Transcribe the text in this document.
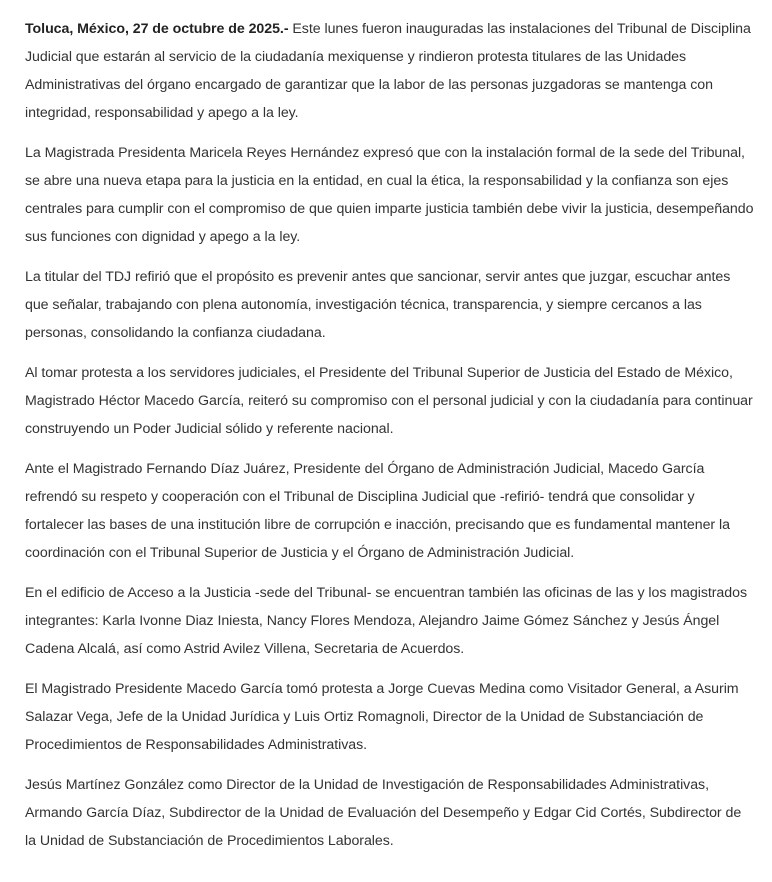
Toluca, México, 27 de octubre de 2025.- Este lunes fueron inauguradas las instalaciones del Tribunal de Disciplina Judicial que estarán al servicio de la ciudadanía mexiquense y rindieron protesta titulares de las Unidades Administrativas del órgano encargado de garantizar que la labor de las personas juzgadoras se mantenga con integridad, responsabilidad y apego a la ley.

La Magistrada Presidenta Maricela Reyes Hernández expresó que con la instalación formal de la sede del Tribunal, se abre una nueva etapa para la justicia en la entidad, en cual la ética, la responsabilidad y la confianza son ejes centrales para cumplir con el compromiso de que quien imparte justicia también debe vivir la justicia, desempeñando sus funciones con dignidad y apego a la ley.

La titular del TDJ refirió que el propósito es prevenir antes que sancionar, servir antes que juzgar, escuchar antes que señalar, trabajando con plena autonomía, investigación técnica, transparencia, y siempre cercanos a las personas, consolidando la confianza ciudadana.

Al tomar protesta a los servidores judiciales, el Presidente del Tribunal Superior de Justicia del Estado de México, Magistrado Héctor Macedo García, reiteró su compromiso con el personal judicial y con la ciudadanía para continuar construyendo un Poder Judicial sólido y referente nacional.

Ante el Magistrado Fernando Díaz Juárez, Presidente del Órgano de Administración Judicial, Macedo García refrendó su respeto y cooperación con el Tribunal de Disciplina Judicial que -refirió- tendrá que consolidar y fortalecer las bases de una institución libre de corrupción e inacción, precisando que es fundamental mantener la coordinación con el Tribunal Superior de Justicia y el Órgano de Administración Judicial.

En el edificio de Acceso a la Justicia -sede del Tribunal- se encuentran también las oficinas de las y los magistrados integrantes: Karla Ivonne Diaz Iniesta, Nancy Flores Mendoza, Alejandro Jaime Gómez Sánchez y Jesús Ángel Cadena Alcalá, así como Astrid Avilez Villena, Secretaria de Acuerdos.

El Magistrado Presidente Macedo García tomó protesta a Jorge Cuevas Medina como Visitador General, a Asurim Salazar Vega, Jefe de la Unidad Jurídica y Luis Ortiz Romagnoli, Director de la Unidad de Substanciación de Procedimientos de Responsabilidades Administrativas.

Jesús Martínez González como Director de la Unidad de Investigación de Responsabilidades Administrativas, Armando García Díaz, Subdirector de la Unidad de Evaluación del Desempeño y Edgar Cid Cortés, Subdirector de la Unidad de Substanciación de Procedimientos Laborales.
